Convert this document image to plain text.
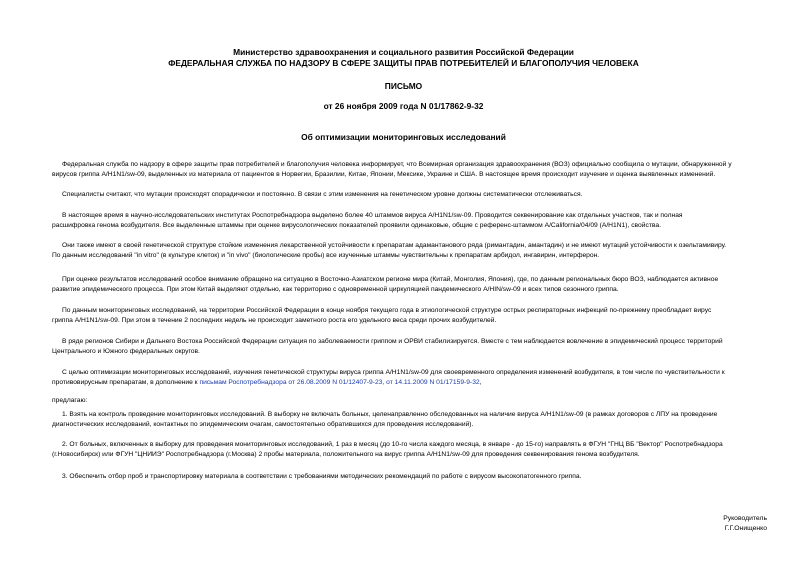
Министерство здравоохранения и социального развития Российской Федерации
ФЕДЕРАЛЬНАЯ СЛУЖБА ПО НАДЗОРУ В СФЕРЕ ЗАЩИТЫ ПРАВ ПОТРЕБИТЕЛЕЙ И БЛАГОПОЛУЧИЯ ЧЕЛОВЕКА
ПИСЬМО
от 26 ноября 2009 года N 01/17862-9-32
Об оптимизации мониторинговых исследований
Федеральная служба по надзору в сфере защиты прав потребителей и благополучия человека информирует, что Всемирная организация здравоохранения (ВОЗ) официально сообщила о мутации, обнаруженной у
вирусов гриппа A/H1N1/sw-09, выделенных из материала от пациентов в Норвегии, Бразилии, Китае, Японии, Мексике, Украине и США. В настоящее время происходит изучение и оценка выявленных изменений.
Специалисты считают, что мутации происходят спорадически и постоянно. В связи с этим изменения на генетическом уровне должны систематически отслеживаться.
В настоящее время в научно-исследовательских институтах Роспотребнадзора выделено более 40 штаммов вируса A/H1N1/sw-09. Проводится секвенирование как отдельных участков, так и полная
расшифровка генома возбудителя. Все выделенные штаммы при оценке вирусологических показателей проявили одинаковые, общие с референс-штаммом A/California/04/09 (A/H1N1), свойства.
Они также имеют в своей генетической структуре стойкие изменения лекарственной устойчивости к препаратам адамантанового ряда (римантадин, амантадин) и не имеют мутаций устойчивости к озельтамивиру.
По данным исследований "in vitro" (в культуре клеток) и "in vivo" (биологические пробы) все изученные штаммы чувствительны к препаратам арбидол, ингавирин, интерферон.
При оценке результатов исследований особое внимание обращено на ситуацию в Восточно-Азиатском регионе мира (Китай, Монголия, Япония), где, по данным региональных бюро ВОЗ, наблюдается активное
развитие эпидемического процесса. При этом Китай выделяют отдельно, как территорию с одновременной циркуляцией пандемического A/HIN/sw-09 и всех типов сезонного гриппа.
По данным мониторинговых исследований, на территории Российской Федерации в конце ноября текущего года в этиологической структуре острых респираторных инфекций по-прежнему преобладает вирус
гриппа A/H1N1/sw-09. При этом в течение 2 последних недель не происходит заметного роста его удельного веса среди прочих возбудителей.
В ряде регионов Сибири и Дальнего Востока Российской Федерации ситуация по заболеваемости гриппом и ОРВИ стабилизируется. Вместе с тем наблюдается вовлечение в эпидемический процесс территорий
Центрального и Южного федеральных округов.
С целью оптимизации мониторинговых исследований, изучения генетической структуры вируса гриппа A/H1N1/sw-09 для своевременного определения изменений возбудителя, в том числе по чувствительности к
противовирусным препаратам, в дополнение к письмам Роспотребнадзора от 26.08.2009 N 01/12407-9-23, от 14.11.2009 N 01/17159-9-32,
предлагаю:
1. Взять на контроль проведение мониторинговых исследований. В выборку не включать больных, целенаправленно обследованных на наличие вируса A/H1N1/sw-09 (в рамках договоров с ЛПУ на проведение
диагностических исследований, контактных по эпидемическим очагам, самостоятельно обратившихся для проведения исследований).
2. От больных, включенных в выборку для проведения мониторинговых исследований, 1 раз в месяц (до 10-го числа каждого месяца, в январе - до 15-го) направлять в ФГУН "ГНЦ ВБ "Вектор" Роспотребнадзора
(г.Новосибирск) или ФГУН "ЦНИИЭ" Роспотребнадзора (г.Москва) 2 пробы материала, положительного на вирус гриппа A/H1N1/sw-09 для проведения секвенирования генома возбудителя.
3. Обеспечить отбор проб и транспортировку материала в соответствии с требованиями методических рекомендаций по работе с вирусом высокопатогенного гриппа.
Руководитель
Г.Г.Онищенко
